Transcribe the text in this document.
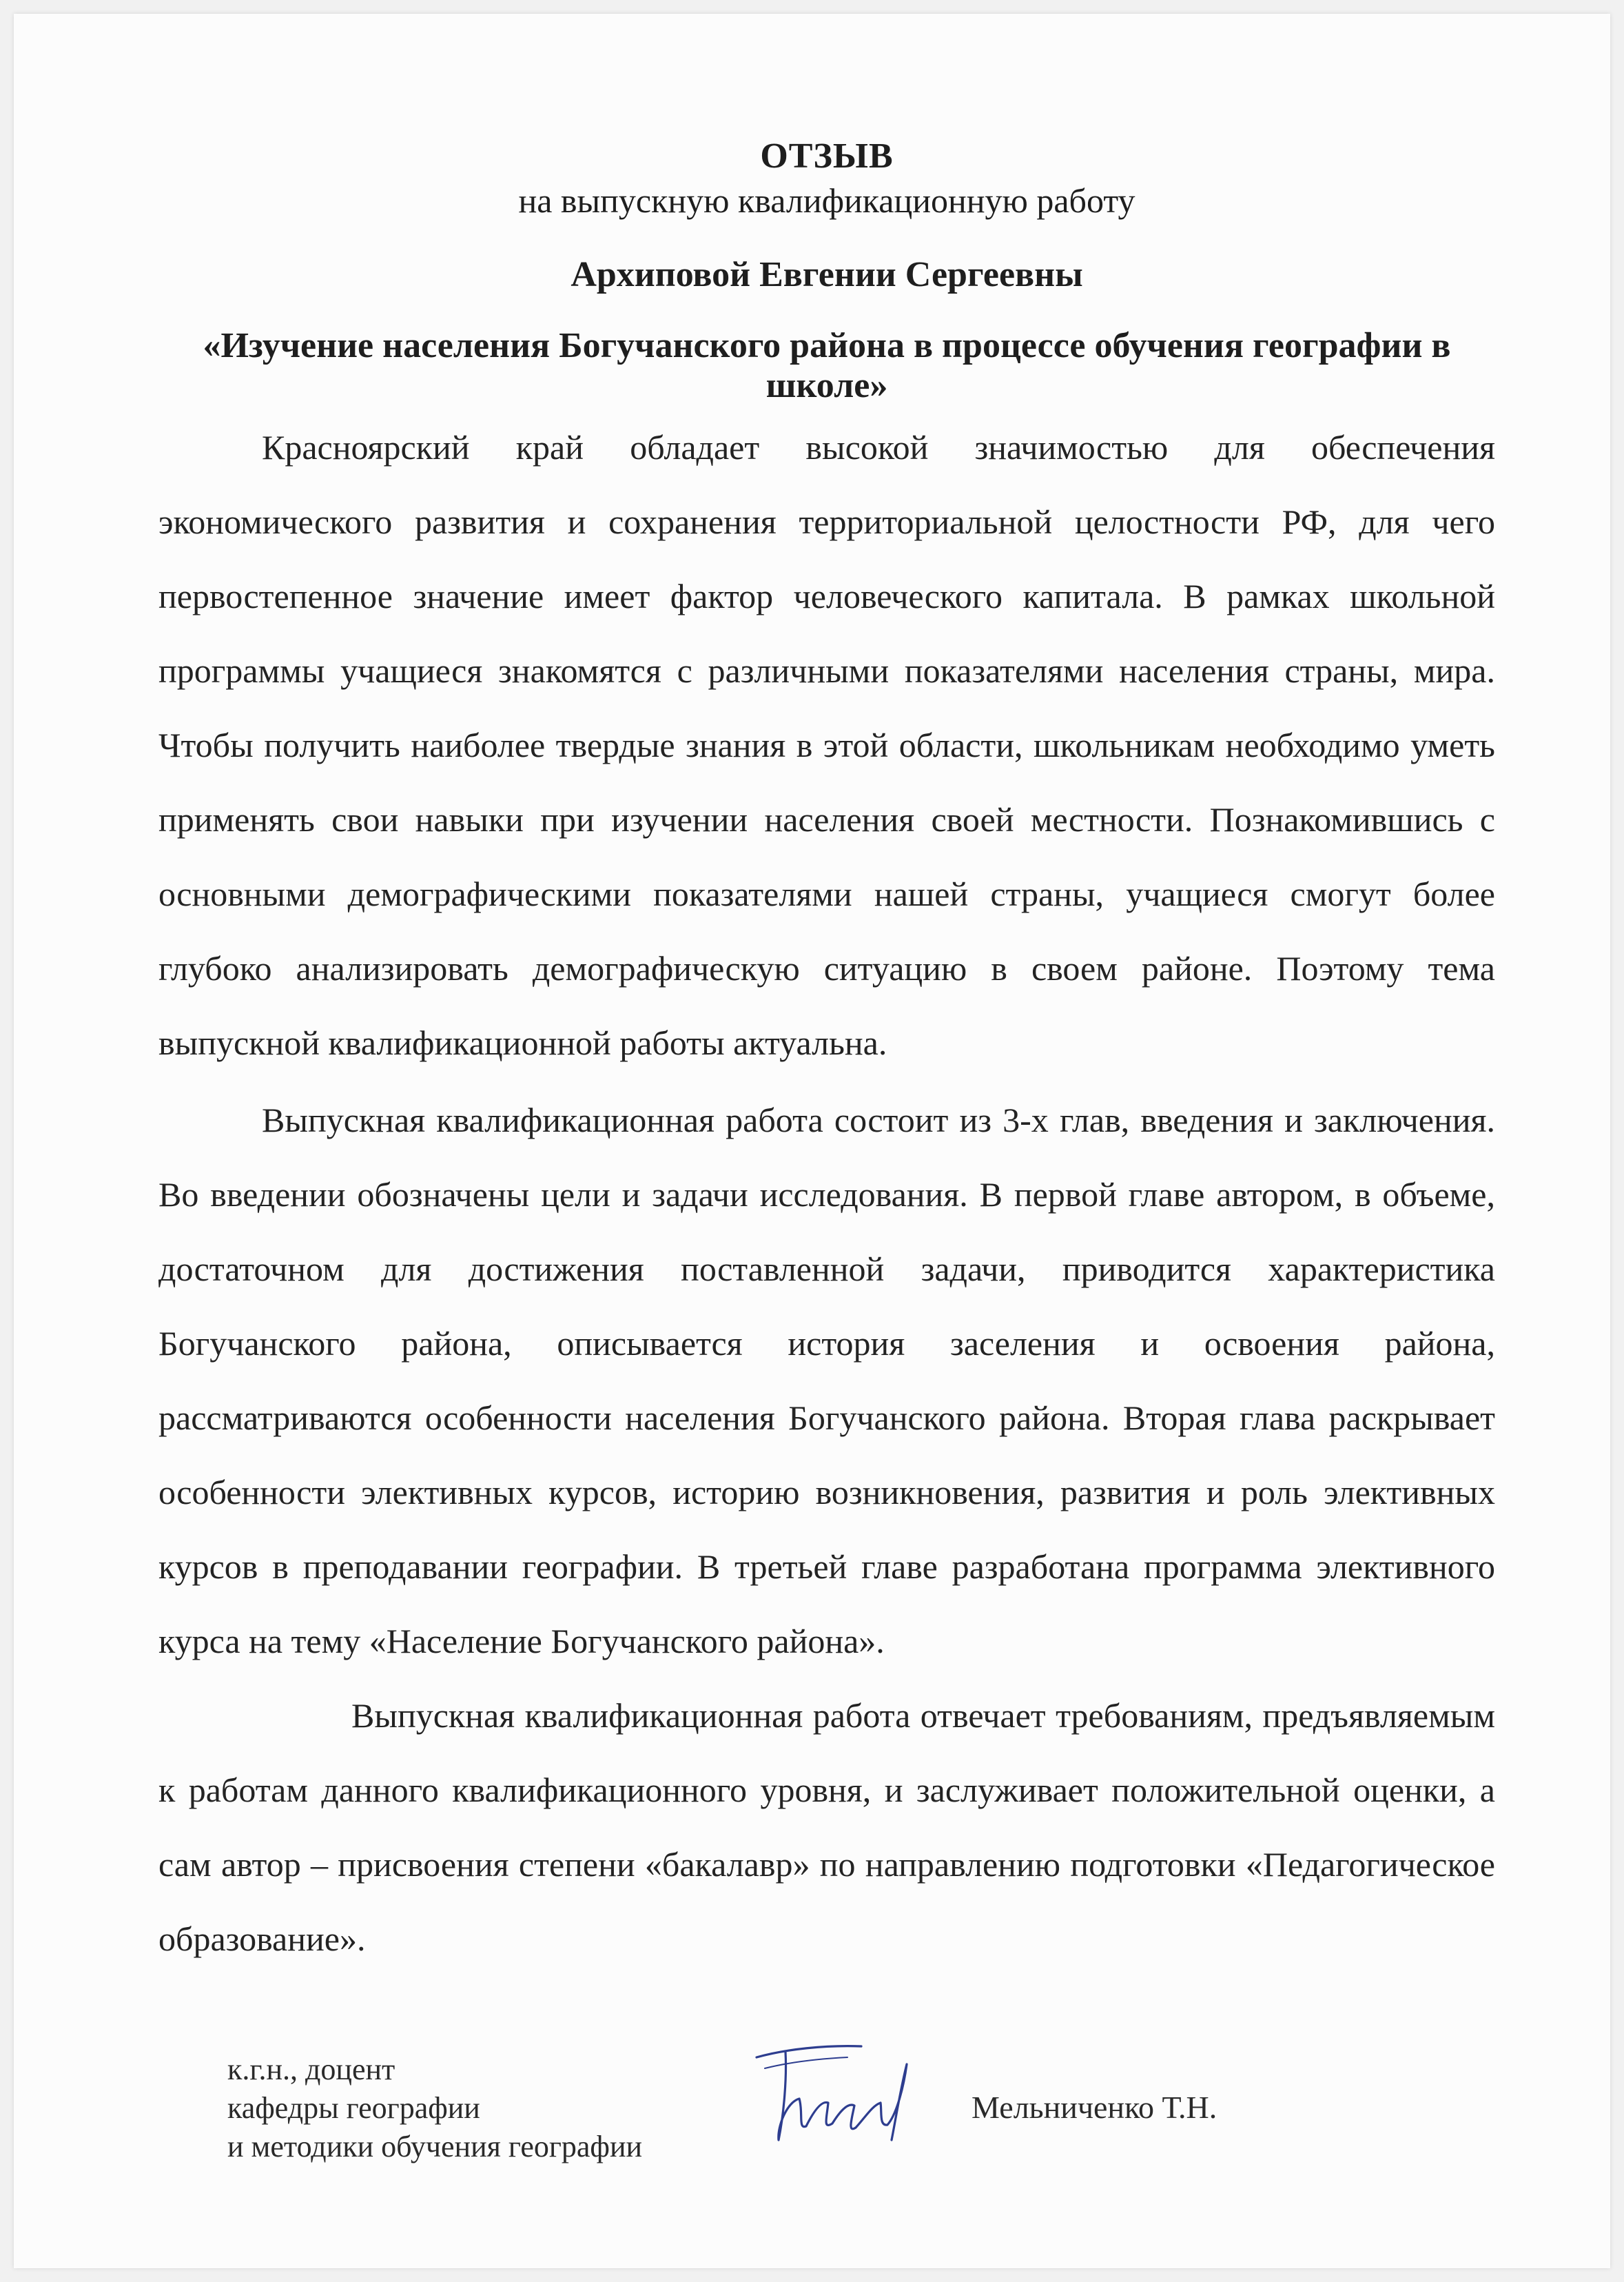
ОТЗЫВ

на выпускную квалификационную работу

Архиповой Евгении Сергеевны

«Изучение населения Богучанского района в процессе обучения географии в школе»

Красноярский край обладает высокой значимостью для обеспечения экономического развития и сохранения территориальной целостности РФ, для чего первостепенное значение имеет фактор человеческого капитала. В рамках школьной программы учащиеся знакомятся с различными показателями населения страны, мира. Чтобы получить наиболее твердые знания в этой области, школьникам необходимо уметь применять свои навыки при изучении населения своей местности. Познакомившись с основными демографическими показателями нашей страны, учащиеся смогут более глубоко анализировать демографическую ситуацию в своем районе. Поэтому тема выпускной квалификационной работы актуальна.

Выпускная квалификационная работа состоит из 3-х глав, введения и заключения. Во введении обозначены цели и задачи исследования. В первой главе автором, в объеме, достаточном для достижения поставленной задачи, приводится характеристика Богучанского района, описывается история заселения и освоения района, рассматриваются особенности населения Богучанского района. Вторая глава раскрывает особенности элективных курсов, историю возникновения, развития и роль элективных курсов в преподавании географии. В третьей главе разработана программа элективного курса на тему «Население Богучанского района».

Выпускная квалификационная работа отвечает требованиям, предъявляемым к работам данного квалификационного уровня, и заслуживает положительной оценки, а сам автор – присвоения степени «бакалавр» по направлению подготовки «Педагогическое образование».

к.г.н., доцент
кафедры географии
и методики обучения географии
Мельниченко Т.Н.
